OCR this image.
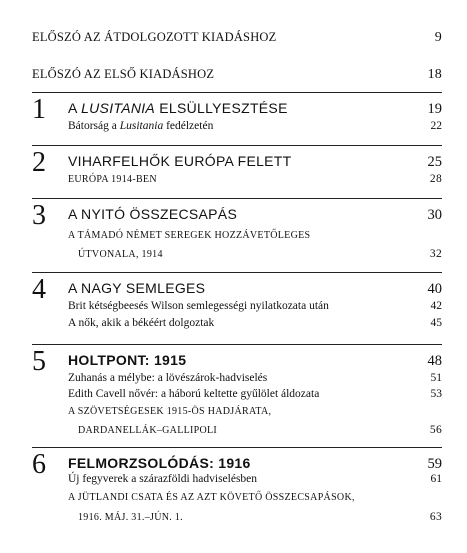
ELŐSZÓ AZ ÁTDOLGOZOTT KIADÁSHOZ	9
ELŐSZÓ AZ ELSŐ KIADÁSHOZ	18
1 A LUSITANIA ELSÜLLYESZTÉSE	19
Bátorság a Lusitania fedélzetén	22
2 VIHARFELHŐK EURÓPA FELETT	25
EURÓPA 1914-BEN	28
3 A NYITÓ ÖSSZECSAPÁS	30
A TÁMADÓ NÉMET SEREGEK HOZZÁVETŐLEGES
ÚTVONALA, 1914	32
4 A NAGY SEMLEGES	40
Brit kétségbeesés Wilson semlegességi nyilatkozata után	42
A nők, akik a békéért dolgoztak	45
5 HOLTPONT: 1915	48
Zuhanás a mélybe: a lövészárok-hadviselés	51
Edith Cavell nővér: a háború keltette gyűlölet áldozata	53
A SZÖVETSÉGESEK 1915-ÖS HADJÁRATA,
DARDANELLÁK–GALLIPOLI	56
6 FELMORZSOLÓDÁS: 1916	59
Új fegyverek a szárazföldi hadviselésben	61
A JÜTLANDI CSATA ÉS AZ AZT KÖVETŐ ÖSSZECSAPÁSOK,
1916. MÁJ. 31.–JÚN. 1.	63
